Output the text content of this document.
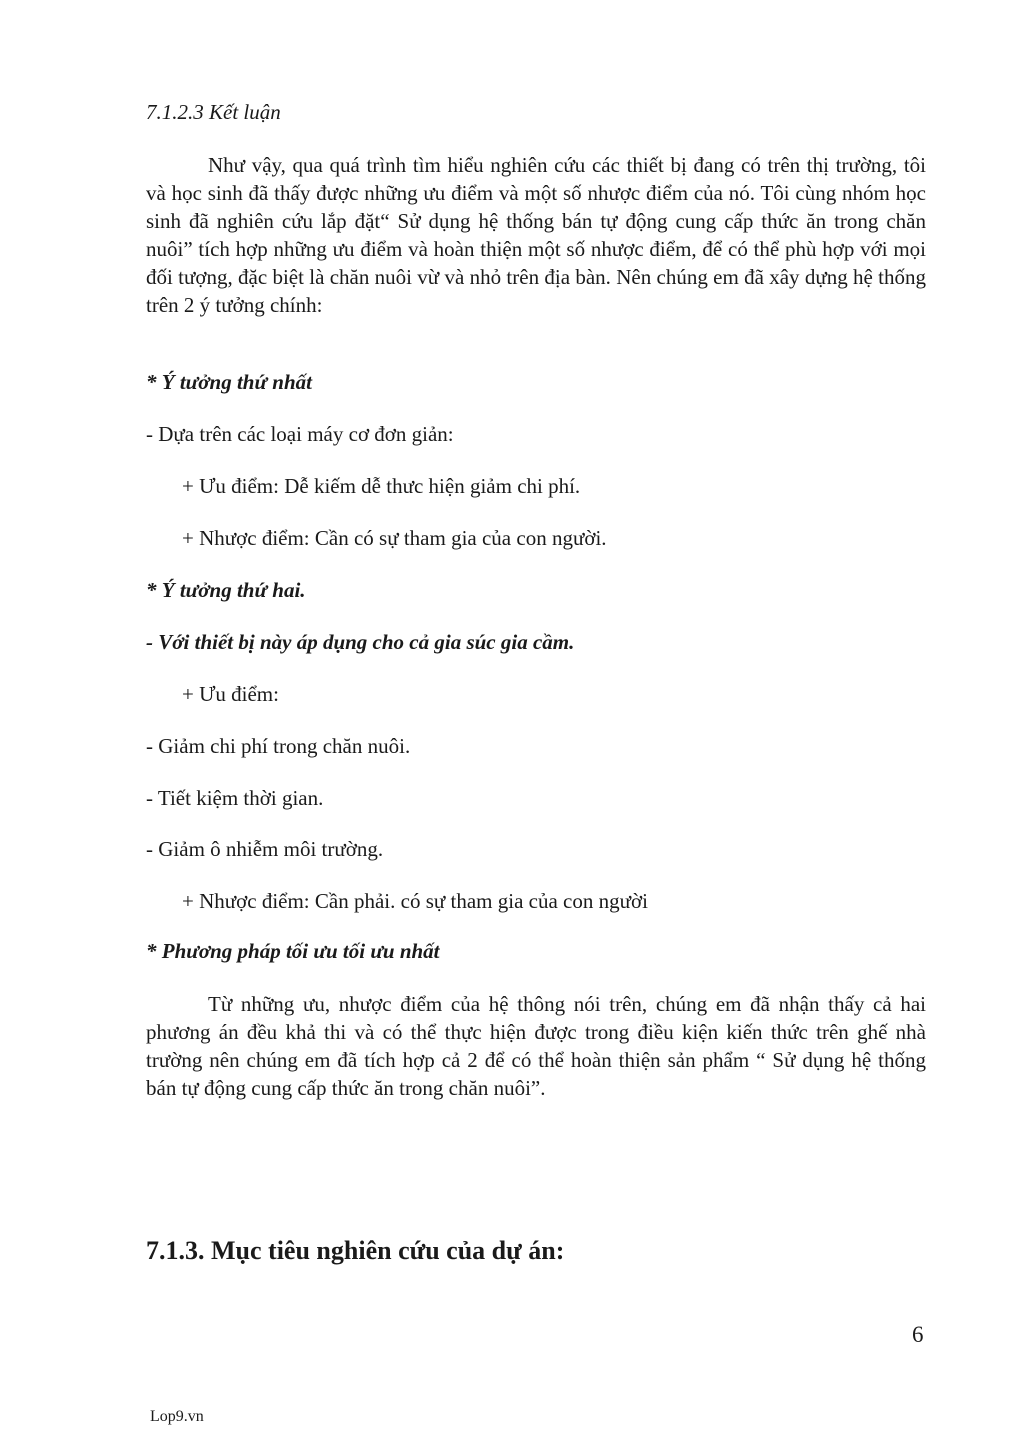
7.1.2.3 Kết luận
Như vậy, qua quá trình tìm hiểu nghiên cứu các thiết bị đang có trên thị trường, tôi và học sinh đã thấy được những ưu điểm và một số nhược điểm của nó. Tôi cùng nhóm học sinh đã nghiên cứu lắp đặt“ Sử dụng hệ thống bán tự động cung cấp thức ăn trong chăn nuôi” tích hợp những ưu điểm và hoàn thiện một số nhược điểm, để có thể phù hợp với mọi đối tượng, đặc biệt là chăn nuôi vừ và nhỏ trên địa bàn. Nên chúng em đã xây dựng hệ thống trên 2 ý tưởng chính:
* Ý tưởng thứ nhất
- Dựa trên các loại máy cơ đơn giản:
+ Ưu điểm: Dễ kiếm dễ thưc hiện giảm chi phí.
+ Nhược điểm: Cần có sự tham gia của con người.
* Ý tưởng thứ hai.
- Với thiết bị này áp dụng cho cả gia súc gia cầm.
+ Ưu điểm:
- Giảm chi phí trong chăn nuôi.
- Tiết kiệm thời gian.
- Giảm ô nhiễm môi trường.
+ Nhược điểm: Cần phải. có sự tham gia của con người
* Phương pháp tối ưu tối ưu nhất
Từ những ưu, nhược điểm của hệ thông nói trên, chúng em đã nhận thấy cả hai phương án đều khả thi và có thể thực hiện được trong điều kiện kiến thức trên ghế nhà trường nên chúng em đã tích hợp cả 2 để có thể hoàn thiện sản phẩm “ Sử dụng hệ thống bán tự động cung cấp thức ăn trong chăn nuôi”.
7.1.3. Mục tiêu nghiên cứu của dự án:
6
Lop9.vn
